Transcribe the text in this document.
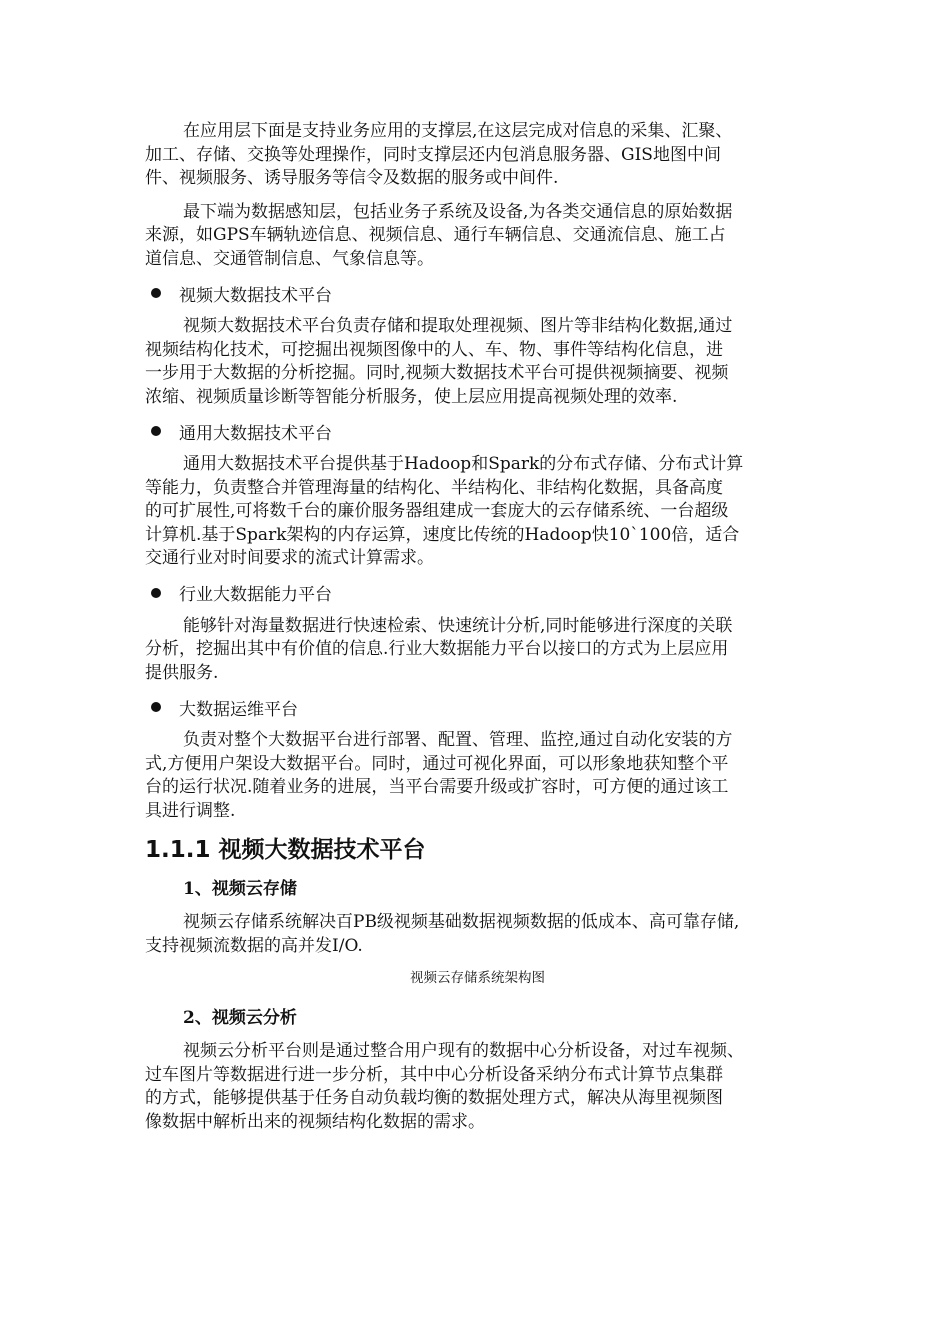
在应用层下面是支持业务应用的支撑层,在这层完成对信息的采集、汇聚、
加工、存储、交换等处理操作，同时支撑层还内包消息服务器、GIS地图中间
件、视频服务、诱导服务等信令及数据的服务或中间件.

最下端为数据感知层，包括业务子系统及设备,为各类交通信息的原始数据
来源，如GPS车辆轨迹信息、视频信息、通行车辆信息、交通流信息、施工占
道信息、交通管制信息、气象信息等。

视频大数据技术平台

视频大数据技术平台负责存储和提取处理视频、图片等非结构化数据,通过
视频结构化技术，可挖掘出视频图像中的人、车、物、事件等结构化信息，进
一步用于大数据的分析挖掘。同时,视频大数据技术平台可提供视频摘要、视频
浓缩、视频质量诊断等智能分析服务，使上层应用提高视频处理的效率.

通用大数据技术平台

通用大数据技术平台提供基于Hadoop和Spark的分布式存储、分布式计算
等能力，负责整合并管理海量的结构化、半结构化、非结构化数据，具备高度
的可扩展性,可将数千台的廉价服务器组建成一套庞大的云存储系统、一台超级
计算机.基于Spark架构的内存运算，速度比传统的Hadoop快10`100倍，适合
交通行业对时间要求的流式计算需求。

行业大数据能力平台

能够针对海量数据进行快速检索、快速统计分析,同时能够进行深度的关联
分析，挖掘出其中有价值的信息.行业大数据能力平台以接口的方式为上层应用
提供服务.

大数据运维平台

负责对整个大数据平台进行部署、配置、管理、监控,通过自动化安装的方
式,方便用户架设大数据平台。同时，通过可视化界面，可以形象地获知整个平
台的运行状况.随着业务的进展，当平台需要升级或扩容时，可方便的通过该工
具进行调整.

1.1.1 视频大数据技术平台
1、视频云存储

视频云存储系统解决百PB级视频基础数据视频数据的低成本、高可靠存储,
支持视频流数据的高并发I/O.

视频云存储系统架构图
2、视频云分析

视频云分析平台则是通过整合用户现有的数据中心分析设备，对过车视频、
过车图片等数据进行进一步分析，其中中心分析设备采纳分布式计算节点集群
的方式，能够提供基于任务自动负载均衡的数据处理方式，解决从海里视频图
像数据中解析出来的视频结构化数据的需求。
